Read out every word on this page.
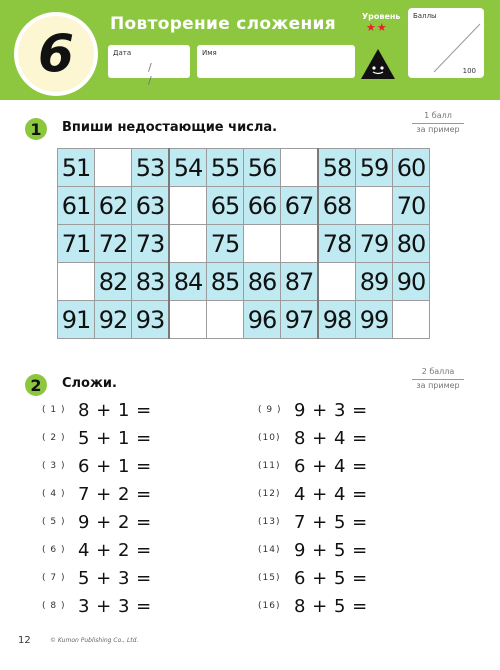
6	Повторение сложения
Дата
/ /
Имя
Уровень
★★
Баллы
100
1	Впиши недостающие числа.
1 балл
за пример
51		53	54	55	56		58	59	60
61	62	63		65	66	67	68		70
71	72	73		75			78	79	80
	82	83	84	85	86	87		89	90
91	92	93			96	97	98	99	
2	Сложи.
2 балла
за пример
( 1 ) 8 + 1 =
( 2 ) 5 + 1 =
( 3 ) 6 + 1 =
( 4 ) 7 + 2 =
( 5 ) 9 + 2 =
( 6 ) 4 + 2 =
( 7 ) 5 + 3 =
( 8 ) 3 + 3 =
( 9 ) 9 + 3 =
(10) 8 + 4 =
(11) 6 + 4 =
(12) 4 + 4 =
(13) 7 + 5 =
(14) 9 + 5 =
(15) 6 + 5 =
(16) 8 + 5 =
12	© Kumon Publishing Co., Ltd.
